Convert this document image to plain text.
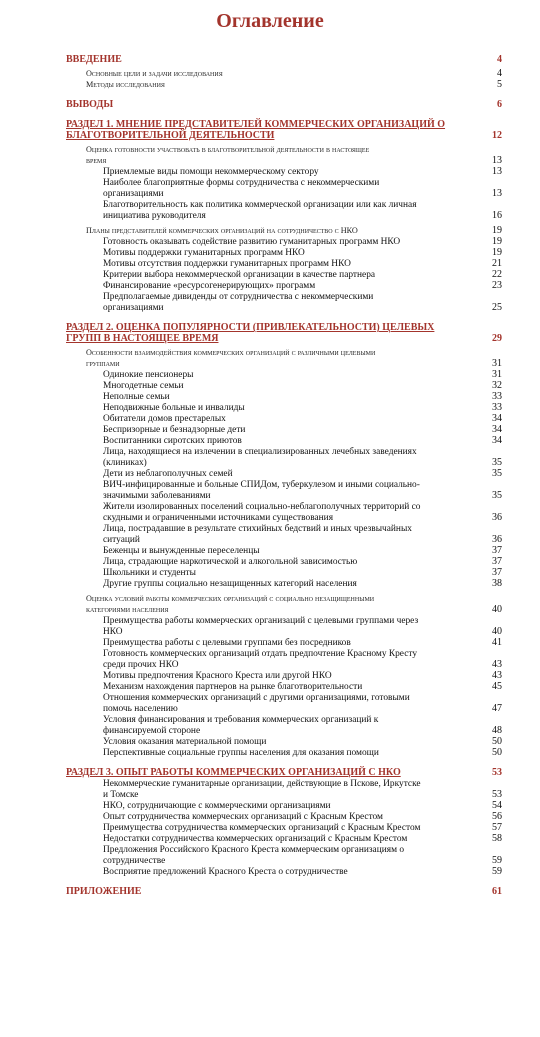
Оглавление
ВВЕДЕНИЕ	4
Основные цели и задачи исследования	4
Методы исследования	5
ВЫВОДЫ	6
РАЗДЕЛ 1. МНЕНИЕ ПРЕДСТАВИТЕЛЕЙ КОММЕРЧЕСКИХ ОРГАНИЗАЦИЙ О
БЛАГОТВОРИТЕЛЬНОЙ ДЕЯТЕЛЬНОСТИ	12
Оценка готовности участвовать в благотворительной деятельности в настоящее
время	13
Приемлемые виды помощи некоммерческому сектору	13
Наиболее благоприятные формы сотрудничества с некоммерческими
организациями	13
Благотворительность как политика коммерческой организации или как личная
инициатива руководителя	16
Планы представителей коммерческих организаций на сотрудничество с НКО	19
Готовность оказывать содействие развитию гуманитарных программ НКО	19
Мотивы поддержки гуманитарных программ НКО	19
Мотивы отсутствия поддержки гуманитарных программ НКО	21
Критерии выбора некоммерческой организации в качестве партнера	22
Финансирование «ресурсогенерирующих» программ	23
Предполагаемые дивиденды от сотрудничества с некоммерческими
организациями	25
РАЗДЕЛ 2. ОЦЕНКА ПОПУЛЯРНОСТИ (ПРИВЛЕКАТЕЛЬНОСТИ) ЦЕЛЕВЫХ
ГРУПП В НАСТОЯЩЕЕ ВРЕМЯ	29
Особенности взаимодействия коммерческих организаций с различными целевыми
группами	31
Одинокие пенсионеры	31
Многодетные семьи	32
Неполные семьи	33
Неподвижные больные и инвалиды	33
Обитатели домов престарелых	34
Беспризорные и безнадзорные дети	34
Воспитанники сиротских приютов	34
Лица, находящиеся на излечении в специализированных лечебных заведениях
(клиниках)	35
Дети из неблагополучных семей	35
ВИЧ-инфицированные и больные СПИДом, туберкулезом и иными социально-
значимыми заболеваниями	35
Жители изолированных поселений социально-неблагополучных территорий со
скудными и ограниченными источниками существования	36
Лица, пострадавшие в результате стихийных бедствий и иных чрезвычайных
ситуаций	36
Беженцы и вынужденные переселенцы	37
Лица, страдающие наркотической и алкогольной зависимостью	37
Школьники и студенты	37
Другие группы социально незащищенных категорий населения	38
Оценка условий работы коммерческих организаций с социально незащищенными
категориями населения	40
Преимущества работы коммерческих организаций с целевыми группами через
НКО	40
Преимущества работы с целевыми группами без посредников	41
Готовность коммерческих организаций отдать предпочтение Красному Кресту
среди прочих НКО	43
Мотивы предпочтения Красного Креста или другой НКО	43
Механизм нахождения партнеров на рынке благотворительности	45
Отношения коммерческих организаций с другими организациями, готовыми
помочь населению	47
Условия финансирования и требования коммерческих организаций к
финансируемой стороне	48
Условия оказания материальной помощи	50
Перспективные социальные группы населения для оказания помощи	50
РАЗДЕЛ 3. ОПЫТ РАБОТЫ КОММЕРЧЕСКИХ ОРГАНИЗАЦИЙ С НКО	53
Некоммерческие гуманитарные организации, действующие в Пскове, Иркутске
и Томске	53
НКО, сотрудничающие с коммерческими организациями	54
Опыт сотрудничества коммерческих организаций с Красным Крестом	56
Преимущества сотрудничества коммерческих организаций с Красным Крестом	57
Недостатки сотрудничества коммерческих организаций с Красным Крестом	58
Предложения Российского Красного Креста коммерческим организациям о
сотрудничестве	59
Восприятие предложений Красного Креста о сотрудничестве	59
ПРИЛОЖЕНИЕ	61
